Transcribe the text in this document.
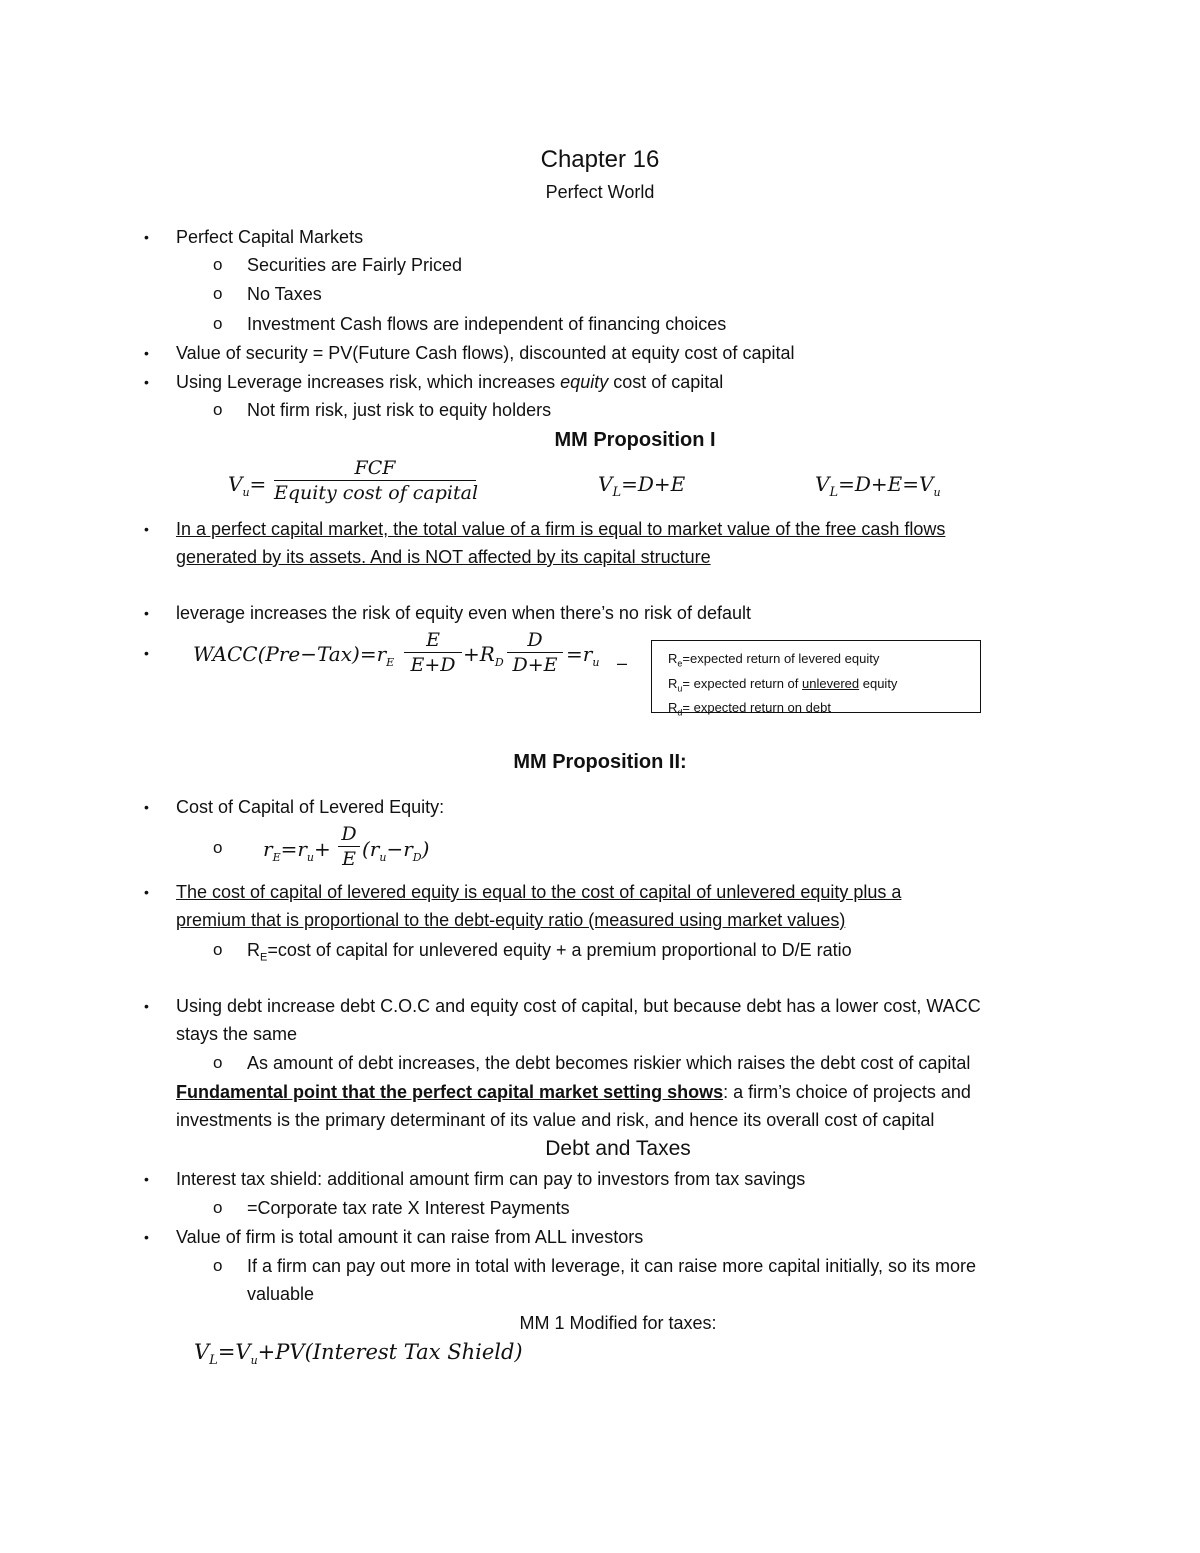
Chapter 16
Perfect World
• Perfect Capital Markets
o Securities are Fairly Priced
o No Taxes
o Investment Cash flows are independent of financing choices
• Value of security = PV(Future Cash flows), discounted at equity cost of capital
• Using Leverage increases risk, which increases equity cost of capital
o Not firm risk, just risk to equity holders
MM Proposition I
$V_u=$
FCF
Equity cost of capital	$V_L=D+E$	$V_L=D+E=V_u$
• In a perfect capital market, the total value of a firm is equal to market value of the free cash flows
generated by its assets. And is NOT affected by its capital structure
• leverage increases the risk of equity even when there’s no risk of default
• $WACC(Pre-Tax)=r_E$
E
$E+D +R_D$
D
$D+E =r_u$ –	$R_e=expected$ return of levered equity
$R_u=$ expected return of unlevered equity
$R_d=$ expected return on debt
MM Proposition II:
• Cost of Capital of Levered Equity:
o $r_E=r_u+$
D
E $(r_u-r_D)$
• The cost of capital of levered equity is equal to the cost of capital of unlevered equity plus a
premium that is proportional to the debt-equity ratio (measured using market values)
o $R_E=\cos t$ of capital for unlevered equity + a premium proportional to D/E ratio
• Using debt increase debt C.O.C and equity cost of capital, but because debt has a lower cost, WACC
stays the same
o As amount of debt increases, the debt becomes riskier which raises the debt cost of capital
Fundamental point that the perfect capital market setting shows: a firm’s choice of projects and
investments is the primary determinant of its value and risk, and hence its overall cost of capital
Debt and Taxes
• Interest tax shield: additional amount firm can pay to investors from tax savings
o =Corporate tax rate X Interest Payments
• Value of firm is total amount it can raise from ALL investors
o If a firm can pay out more in total with leverage, it can raise more capital initially, so its more
valuable
MM 1 Modified for taxes:
$V_L=V_u+PV(Interest$ Tax Shield)
